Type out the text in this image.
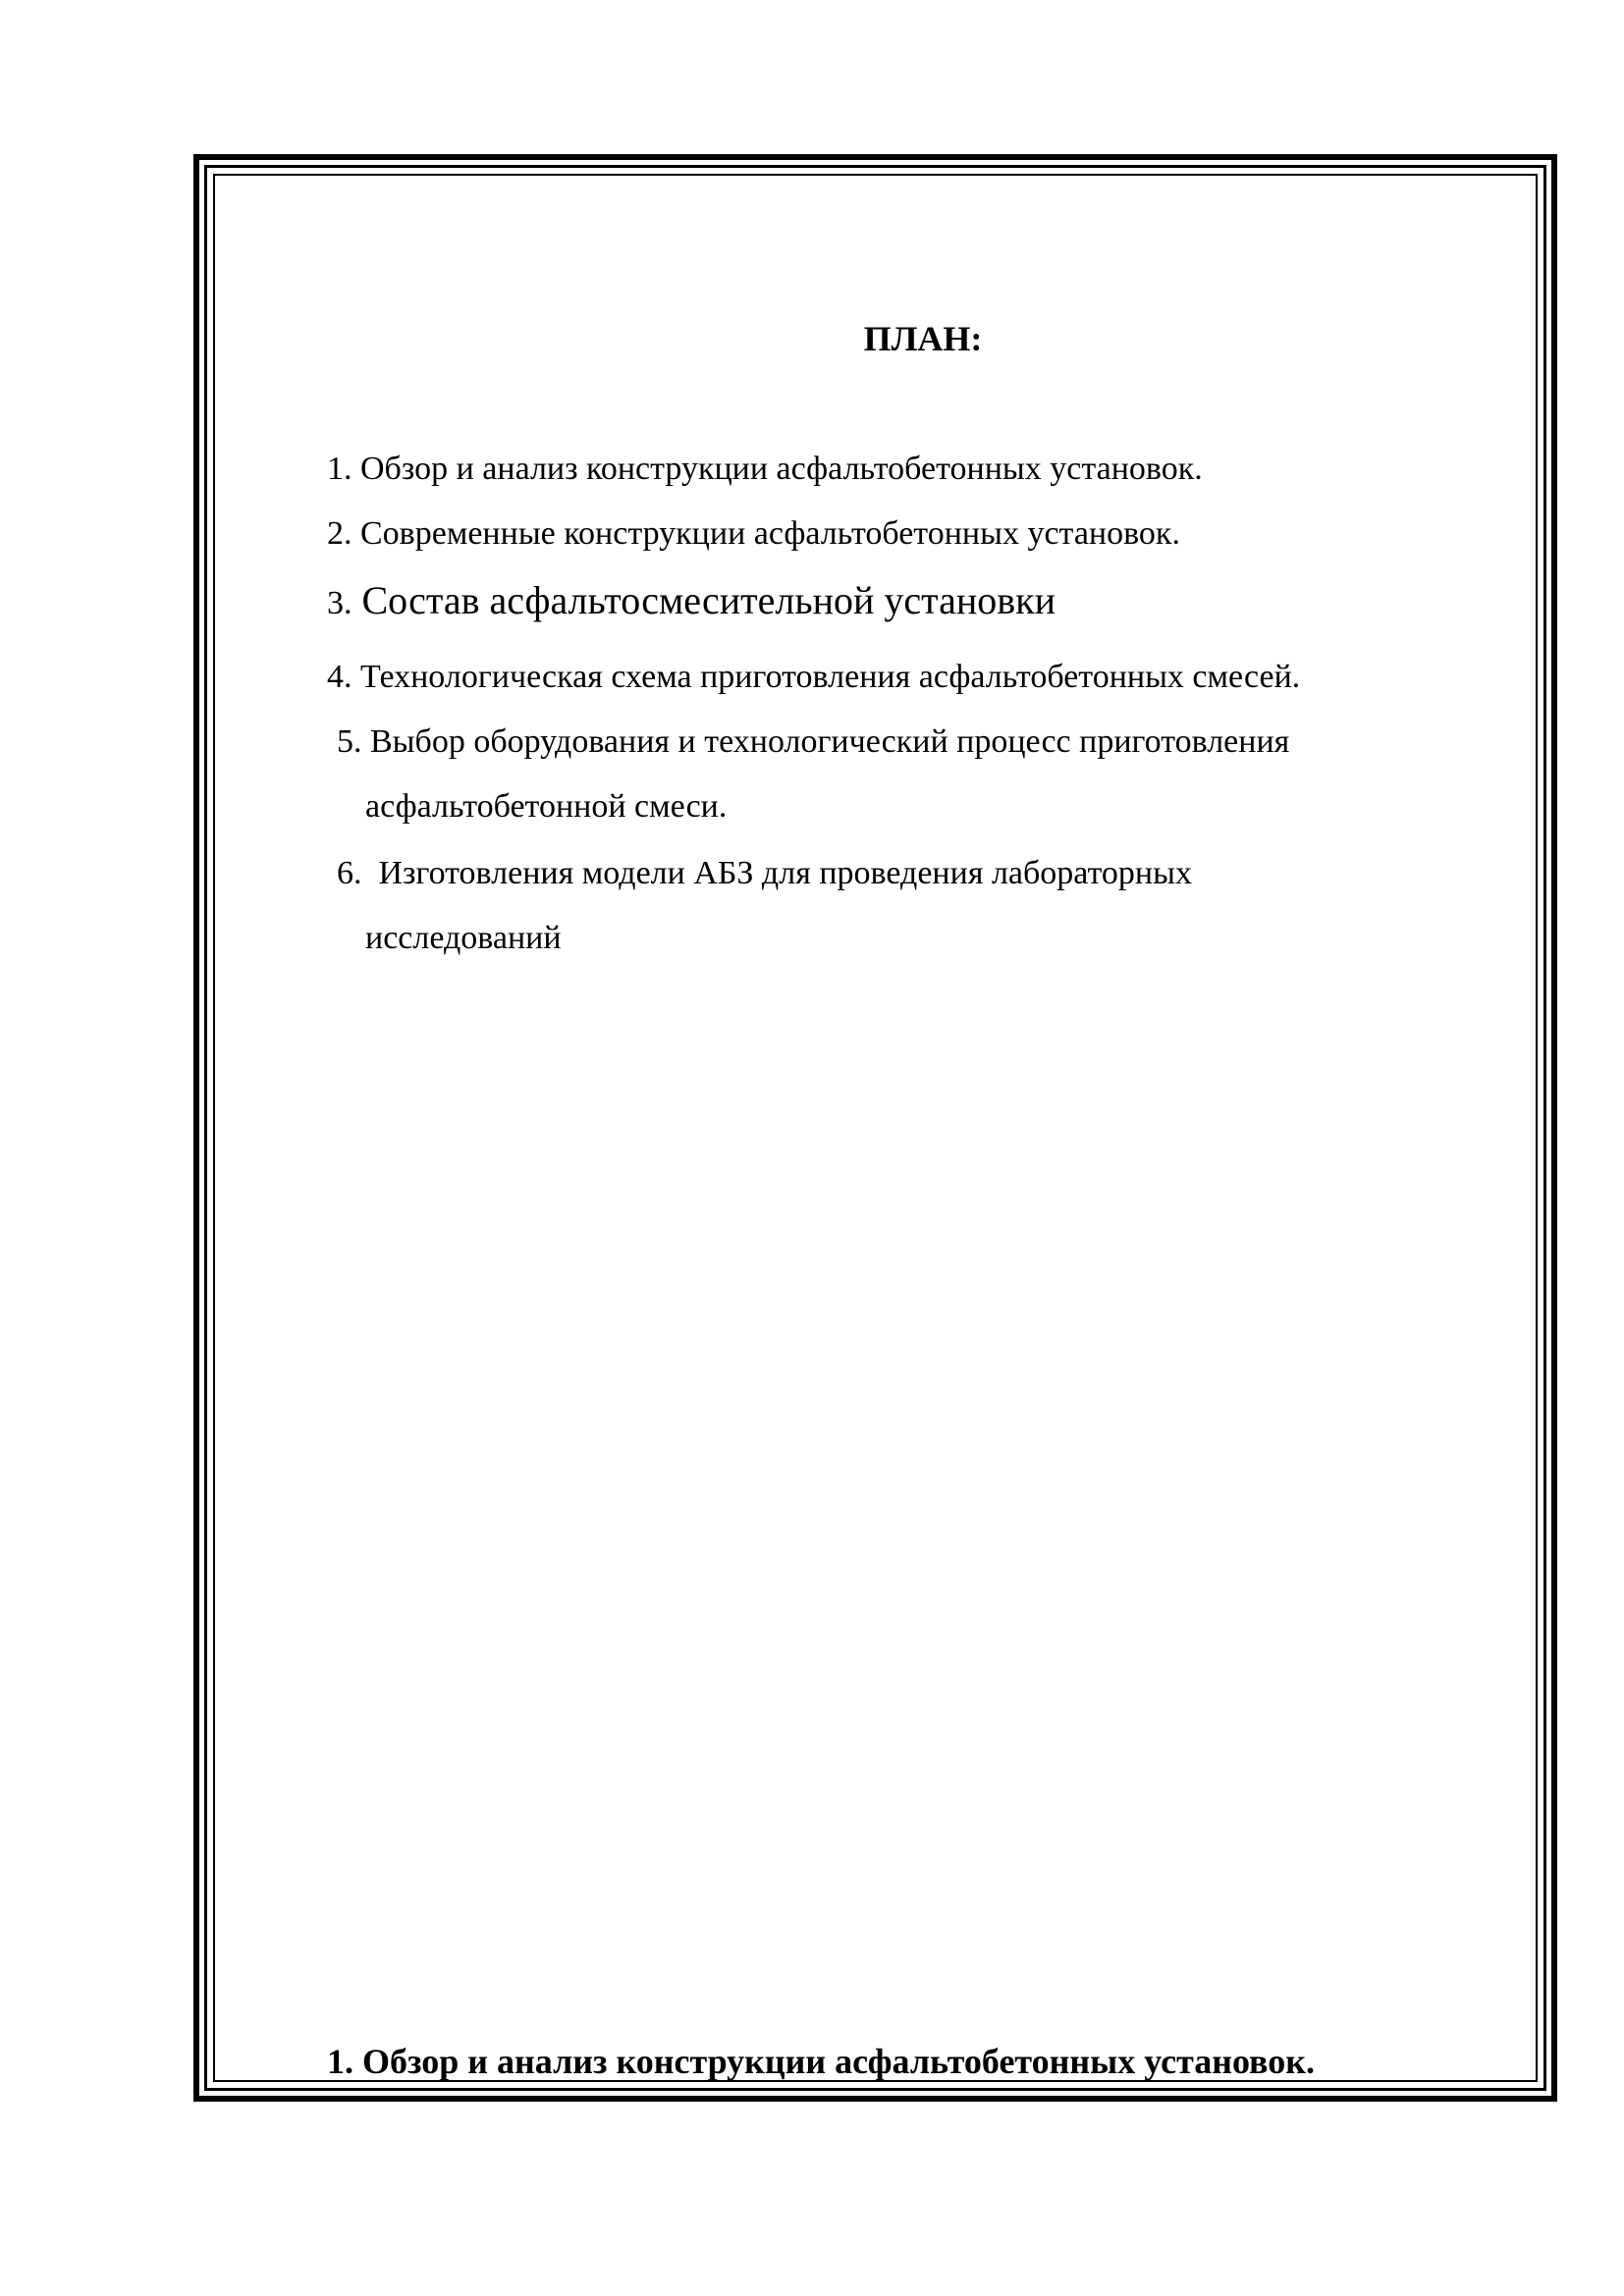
ПЛАН:
1. Обзор и анализ конструкции асфальтобетонных установок.
2. Современные конструкции асфальтобетонных установок.
3. Состав асфальтосмесительной установки
4. Технологическая схема приготовления асфальтобетонных смесей.
5. Выбор оборудования и технологический процесс приготовления
асфальтобетонной смеси.
6.  Изготовления модели АБЗ для проведения лабораторных
исследований
1. Обзор и анализ конструкции асфальтобетонных установок.
